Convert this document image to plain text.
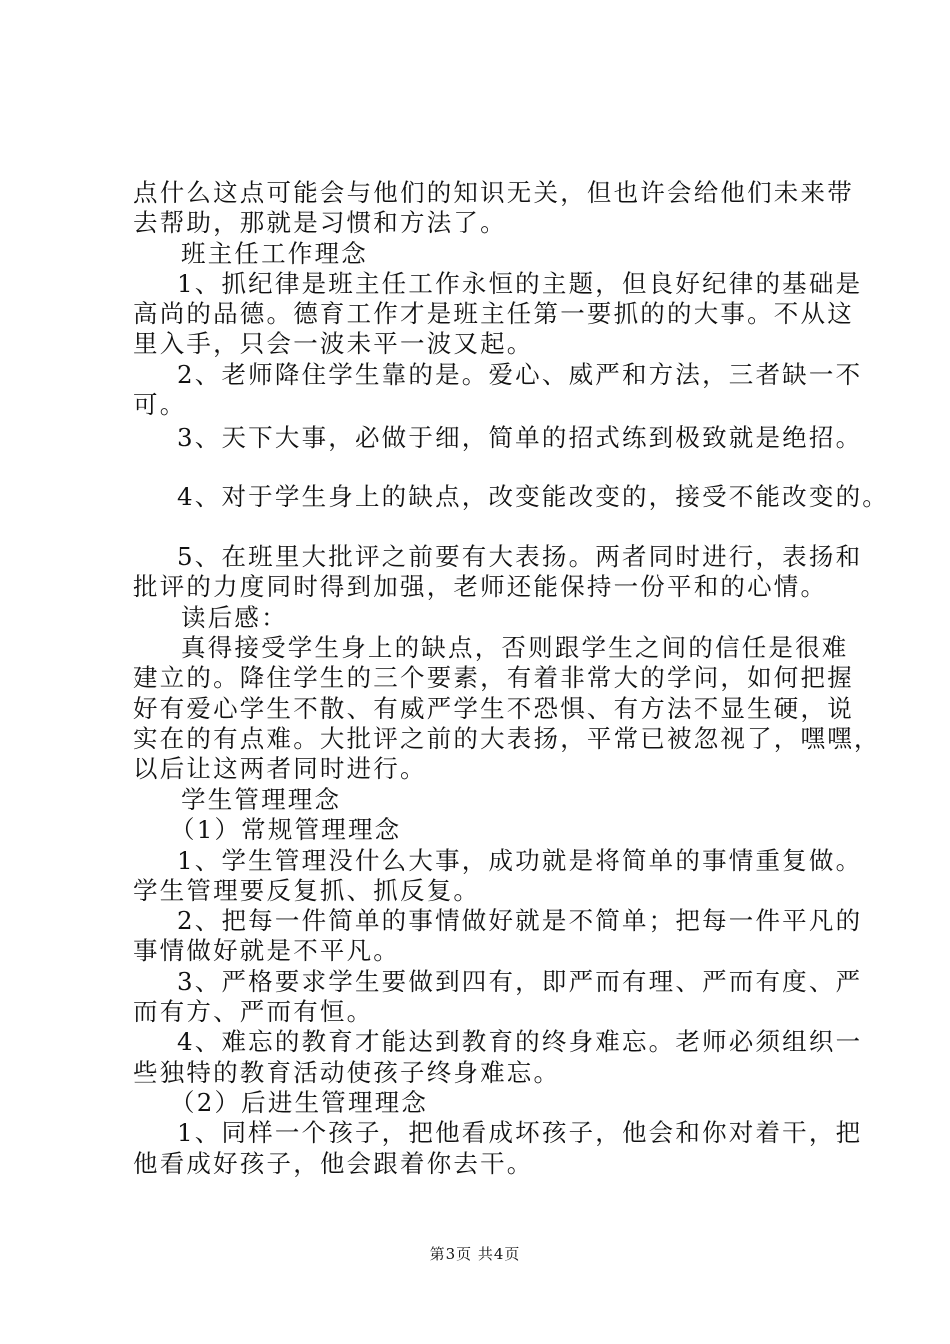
点什么这点可能会与他们的知识无关，但也许会给他们未来带
去帮助，那就是习惯和方法了。
班主任工作理念
1、抓纪律是班主任工作永恒的主题，但良好纪律的基础是
高尚的品德。德育工作才是班主任第一要抓的的大事。不从这
里入手，只会一波未平一波又起。
2、老师降住学生靠的是。爱心、威严和方法，三者缺一不
可。
3、天下大事，必做于细，简单的招式练到极致就是绝招。
4、对于学生身上的缺点，改变能改变的，接受不能改变的。
5、在班里大批评之前要有大表扬。两者同时进行，表扬和
批评的力度同时得到加强，老师还能保持一份平和的心情。
读后感：
真得接受学生身上的缺点，否则跟学生之间的信任是很难
建立的。降住学生的三个要素，有着非常大的学问，如何把握
好有爱心学生不散、有威严学生不恐惧、有方法不显生硬，说
实在的有点难。大批评之前的大表扬，平常已被忽视了，嘿嘿，
以后让这两者同时进行。
学生管理理念
（1）常规管理理念
1、学生管理没什么大事，成功就是将简单的事情重复做。
学生管理要反复抓、抓反复。
2、把每一件简单的事情做好就是不简单；把每一件平凡的
事情做好就是不平凡。
3、严格要求学生要做到四有，即严而有理、严而有度、严
而有方、严而有恒。
4、难忘的教育才能达到教育的终身难忘。老师必须组织一
些独特的教育活动使孩子终身难忘。
（2）后进生管理理念
1、同样一个孩子，把他看成坏孩子，他会和你对着干，把
他看成好孩子，他会跟着你去干。
第3页 共4页
